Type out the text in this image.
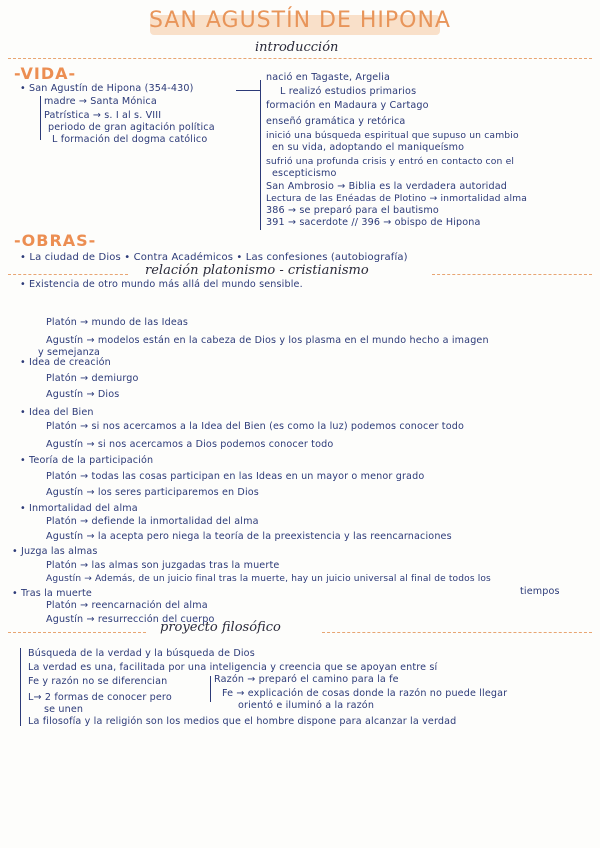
SAN AGUSTÍN DE HIPONA
introducción
-VIDA-
• San Agustín de Hipona (354-430)
madre → Santa Mónica
Patrística → s. I al s. VIII
periodo de gran agitación política
L formación del dogma católico
nació en Tagaste, Argelia
L realizó estudios primarios
formación en Madaura y Cartago
enseñó gramática y retórica
inició una búsqueda espiritual que supuso un cambio
en su vida, adoptando el maniqueísmo
sufrió una profunda crisis y entró en contacto con el
escepticismo
San Ambrosio → Biblia es la verdadera autoridad
Lectura de las Enéadas de Plotino → inmortalidad alma
386 → se preparó para el bautismo
391 → sacerdote // 396 → obispo de Hipona
-OBRAS-
• La ciudad de Dios • Contra Académicos • Las confesiones (autobiografía)
relación platonismo - cristianismo
• Existencia de otro mundo más allá del mundo sensible.
Platón → mundo de las Ideas
Agustín → modelos están en la cabeza de Dios y los plasma en el mundo hecho a imagen
y semejanza
• Idea de creación
Platón → demiurgo
Agustín → Dios
• Idea del Bien
Platón → si nos acercamos a la Idea del Bien (es como la luz) podemos conocer todo
Agustín → si nos acercamos a Dios podemos conocer todo
• Teoría de la participación
Platón → todas las cosas participan en las Ideas en un mayor o menor grado
Agustín → los seres participaremos en Dios
• Inmortalidad del alma
Platón → defiende la inmortalidad del alma
Agustín → la acepta pero niega la teoría de la preexistencia y las reencarnaciones
• Juzga las almas
Platón → las almas son juzgadas tras la muerte
Agustín → Además, de un juicio final tras la muerte, hay un juicio universal al final de todos los
tiempos
• Tras la muerte
Platón → reencarnación del alma
Agustín → resurrección del cuerpo
proyecto filosófico
Búsqueda de la verdad y la búsqueda de Dios
La verdad es una, facilitada por una inteligencia y creencia que se apoyan entre sí
Fe y razón no se diferencian	Razón → preparó el camino para la fe
Fe → explicación de cosas donde la razón no puede llegar
orientó e iluminó a la razón
L→ 2 formas de conocer pero
se unen
La filosofía y la religión son los medios que el hombre dispone para alcanzar la verdad
